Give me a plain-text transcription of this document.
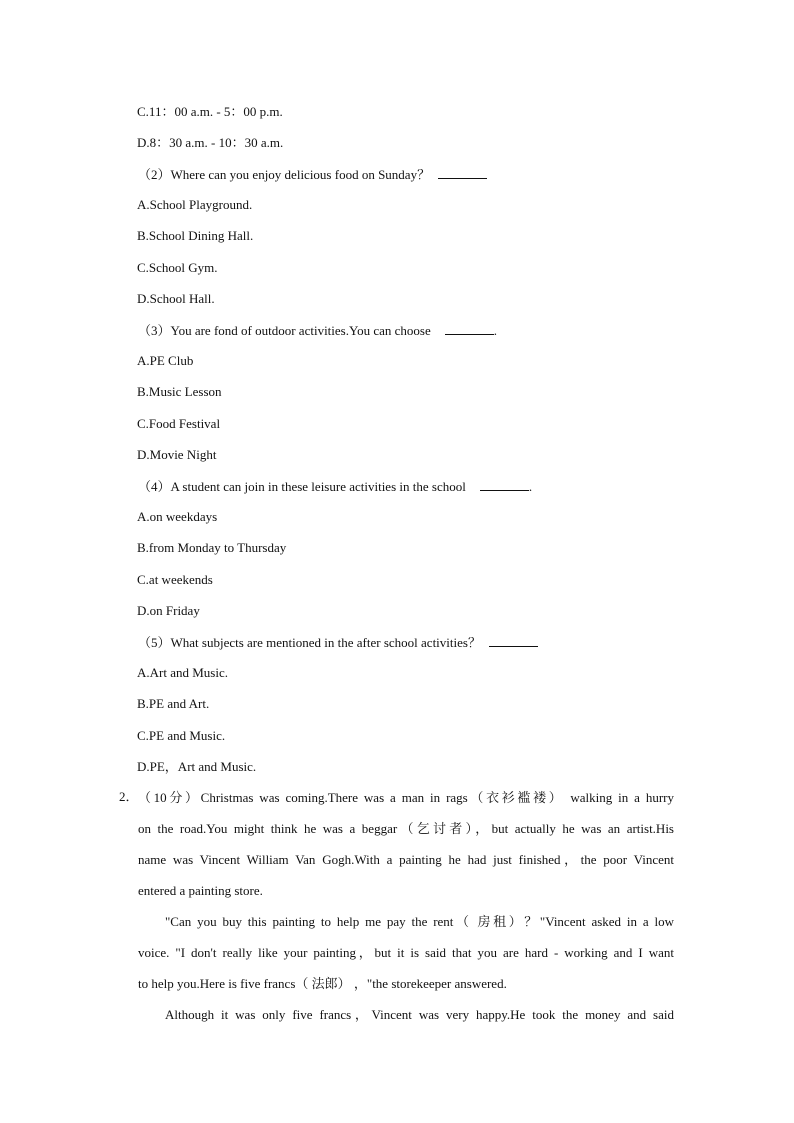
C.11：00 a.m. - 5：00 p.m.
D.8：30 a.m. - 10：30 a.m.
（2）Where can you enjoy delicious food on Sunday？
A.School Playground.
B.School Dining Hall.
C.School Gym.
D.School Hall.
（3）You are fond of outdoor activities.You can choose	.
A.PE Club
B.Music Lesson
C.Food Festival
D.Movie Night
（4）A student can join in these leisure activities in the school	.
A.on weekdays
B.from Monday to Thursday
C.at weekends
D.on Friday
（5）What subjects are mentioned in the after school activities？
A.Art and Music.
B.PE and Art.
C.PE and Music.
D.PE，Art and Music.
2． （10分）Christmas was coming.There was a man in rags（衣衫褴褛） walking in a hurry
on the road.You might think he was a beggar（乞讨者），but actually he was an artist.His
name was Vincent William Van Gogh.With a painting he had just finished，the poor Vincent
entered a painting store.
"Can you buy this painting to help me pay the rent（ 房租）？"Vincent asked in a low
voice. "I don't really like your painting，but it is said that you are hard - working and I want
to help you.Here is five francs（ 法郎） ，"the storekeeper answered.
Although it was only five francs，Vincent was very happy.He took the money and said
